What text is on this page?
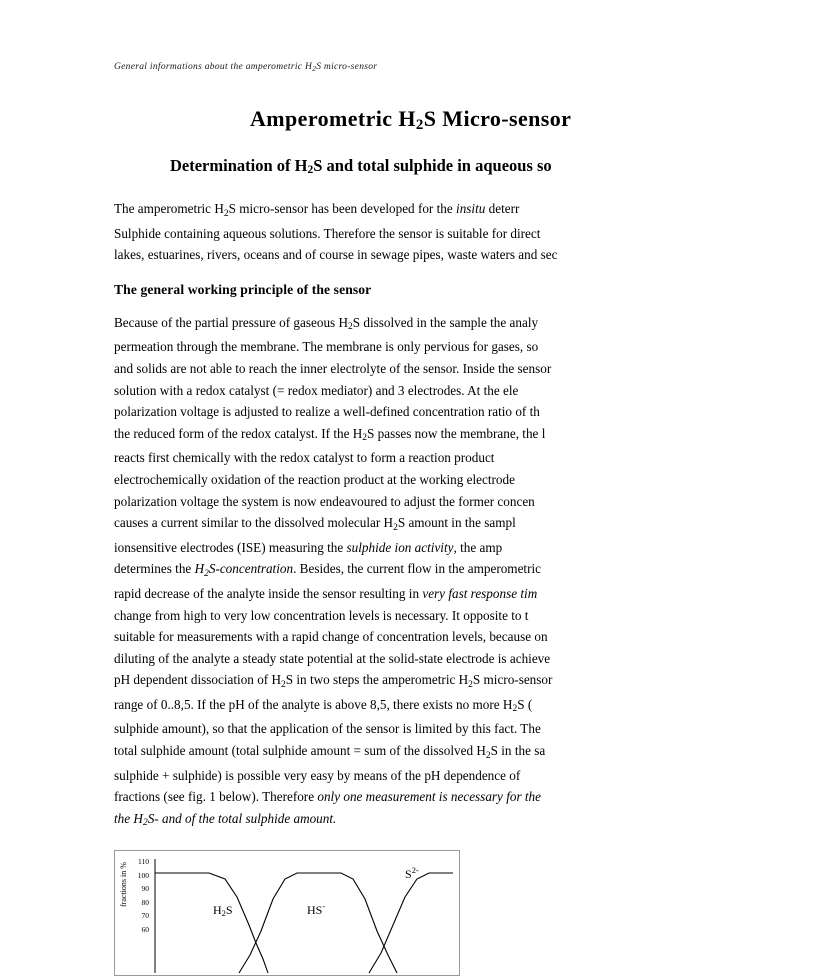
General informations about the amperometric $H_2S$ micro-sensor
Amperometric $H_2S$ Micro-sensor
Determination of $H_2S$ and total sulphide in aqueous so

The amperometric $H_2S$ micro-sensor has been developed for the insitu deterr
Sulphide containing aqueous solutions. Therefore the sensor is suitable for direct
lakes, estuarines, rivers, oceans and of course in sewage pipes, waste waters and sec

The general working principle of the sensor

Because of the partial pressure of gaseous $H_2S$ dissolved in the sample the analy
permeation through the membrane. The membrane is only pervious for gases, so
and solids are not able to reach the inner electrolyte of the sensor. Inside the sensor
solution with a redox catalyst (= redox mediator) and 3 electrodes. At the ele
polarization voltage is adjusted to realize a well-defined concentration ratio of th
the reduced form of the redox catalyst. If the $H_2S$ passes now the membrane, the l
reacts first chemically with the redox catalyst to form a reaction product
electrochemically oxidation of the reaction product at the working electrode
polarization voltage the system is now endeavoured to adjust the former concen
causes a current similar to the dissolved molecular $H_2S$ amount in the sampl
ionsensitive electrodes (ISE) measuring the sulphide ion activity, the amp
determines the $H_2S$-concentration. Besides, the current flow in the amperometric
rapid decrease of the analyte inside the sensor resulting in very fast response tim
change from high to very low concentration levels is necessary. It opposite to t
suitable for measurements with a rapid change of concentration levels, because on
diluting of the analyte a steady state potential at the solid-state electrode is achieve
pH dependent dissociation of $H_2S$ in two steps the amperometric $H_2S$ micro-sensor
range of 0..8,5. If the pH of the analyte is above 8,5, there exists no more $H_2S$ (
sulphide amount), so that the application of the sensor is limited by this fact. The
total sulphide amount (total sulphide amount = sum of the dissolved $H_2S$ in the sa
sulphide + sulphide) is possible very easy by means of the pH dependence of
fractions (see fig. 1 below). Therefore only one measurement is necessary for the
the $H_2S-$ and of the total sulphide amount.

fractions in %
110
100
90
80
70
60
$H_2S$	HS-
$S^{2-}$
